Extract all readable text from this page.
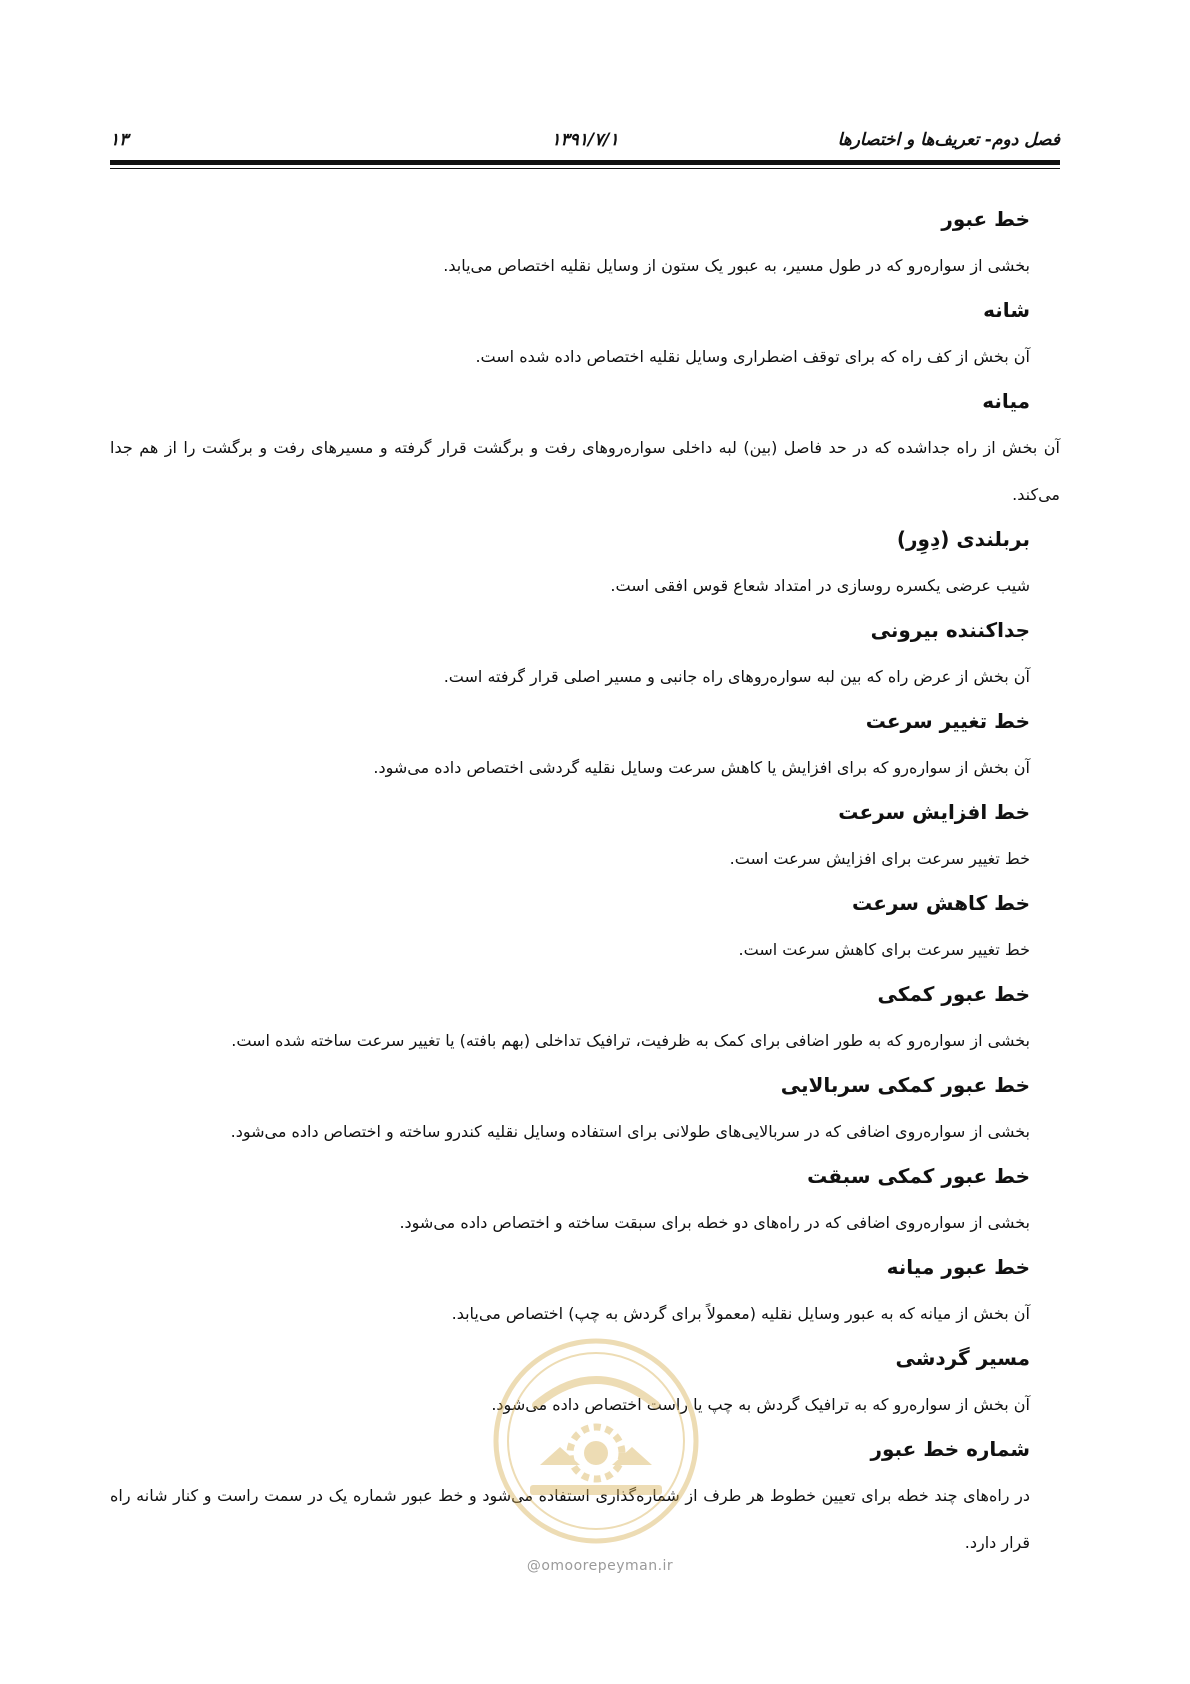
فصل دوم- تعریف‌ها و اختصارها
۱۳۹۱/۷/۱
۱۳
خط عبور

بخشی از سواره‌رو که در طول مسیر، به عبور یک ستون از وسایل نقلیه اختصاص می‌یابد.

شانه

آن بخش از کف راه که برای توقف اضطراری وسایل نقلیه اختصاص داده شده است.

میانه

آن بخش از راه جداشده که در حد فاصل (بین) لبه داخلی سواره‌روهای رفت و برگشت قرار گرفته و مسیرهای رفت و برگشت را از هم جدا می‌کند.

بربلندی (دِوِر)

شیب عرضی یکسره روسازی در امتداد شعاع قوس افقی است.

جداکننده بیرونی

آن بخش از عرض راه که بین لبه سواره‌روهای راه جانبی و مسیر اصلی قرار گرفته است.

خط تغییر سرعت

آن بخش از سواره‌رو که برای افزایش یا کاهش سرعت وسایل نقلیه گردشی اختصاص داده می‌شود.

خط افزایش سرعت

خط تغییر سرعت برای افزایش سرعت است.

خط کاهش سرعت

خط تغییر سرعت برای کاهش سرعت است.

خط عبور کمکی

بخشی از سواره‌رو که به طور اضافی برای کمک به ظرفیت، ترافیک تداخلی (بهم بافته) یا تغییر سرعت ساخته شده است.

خط عبور کمکی سربالایی

بخشی از سواره‌روی اضافی که در سربالایی‌های طولانی برای استفاده وسایل نقلیه کندرو ساخته و اختصاص داده می‌شود.

خط عبور کمکی سبقت

بخشی از سواره‌روی اضافی که در راه‌های دو خطه برای سبقت ساخته و اختصاص داده می‌شود.

خط عبور میانه

آن بخش از میانه که به عبور وسایل نقلیه (معمولاً برای گردش به چپ) اختصاص می‌یابد.

مسیر گردشی

آن بخش از سواره‌رو که به ترافیک گردش به چپ یا راست اختصاص داده می‌شود.

شماره خط عبور

در راه‌های چند خطه برای تعیین خطوط هر طرف از شماره‌گذاری استفاده می‌شود و خط عبور شماره یک در سمت راست و کنار شانه راه قرار دارد.

@omoorepeyman.ir
